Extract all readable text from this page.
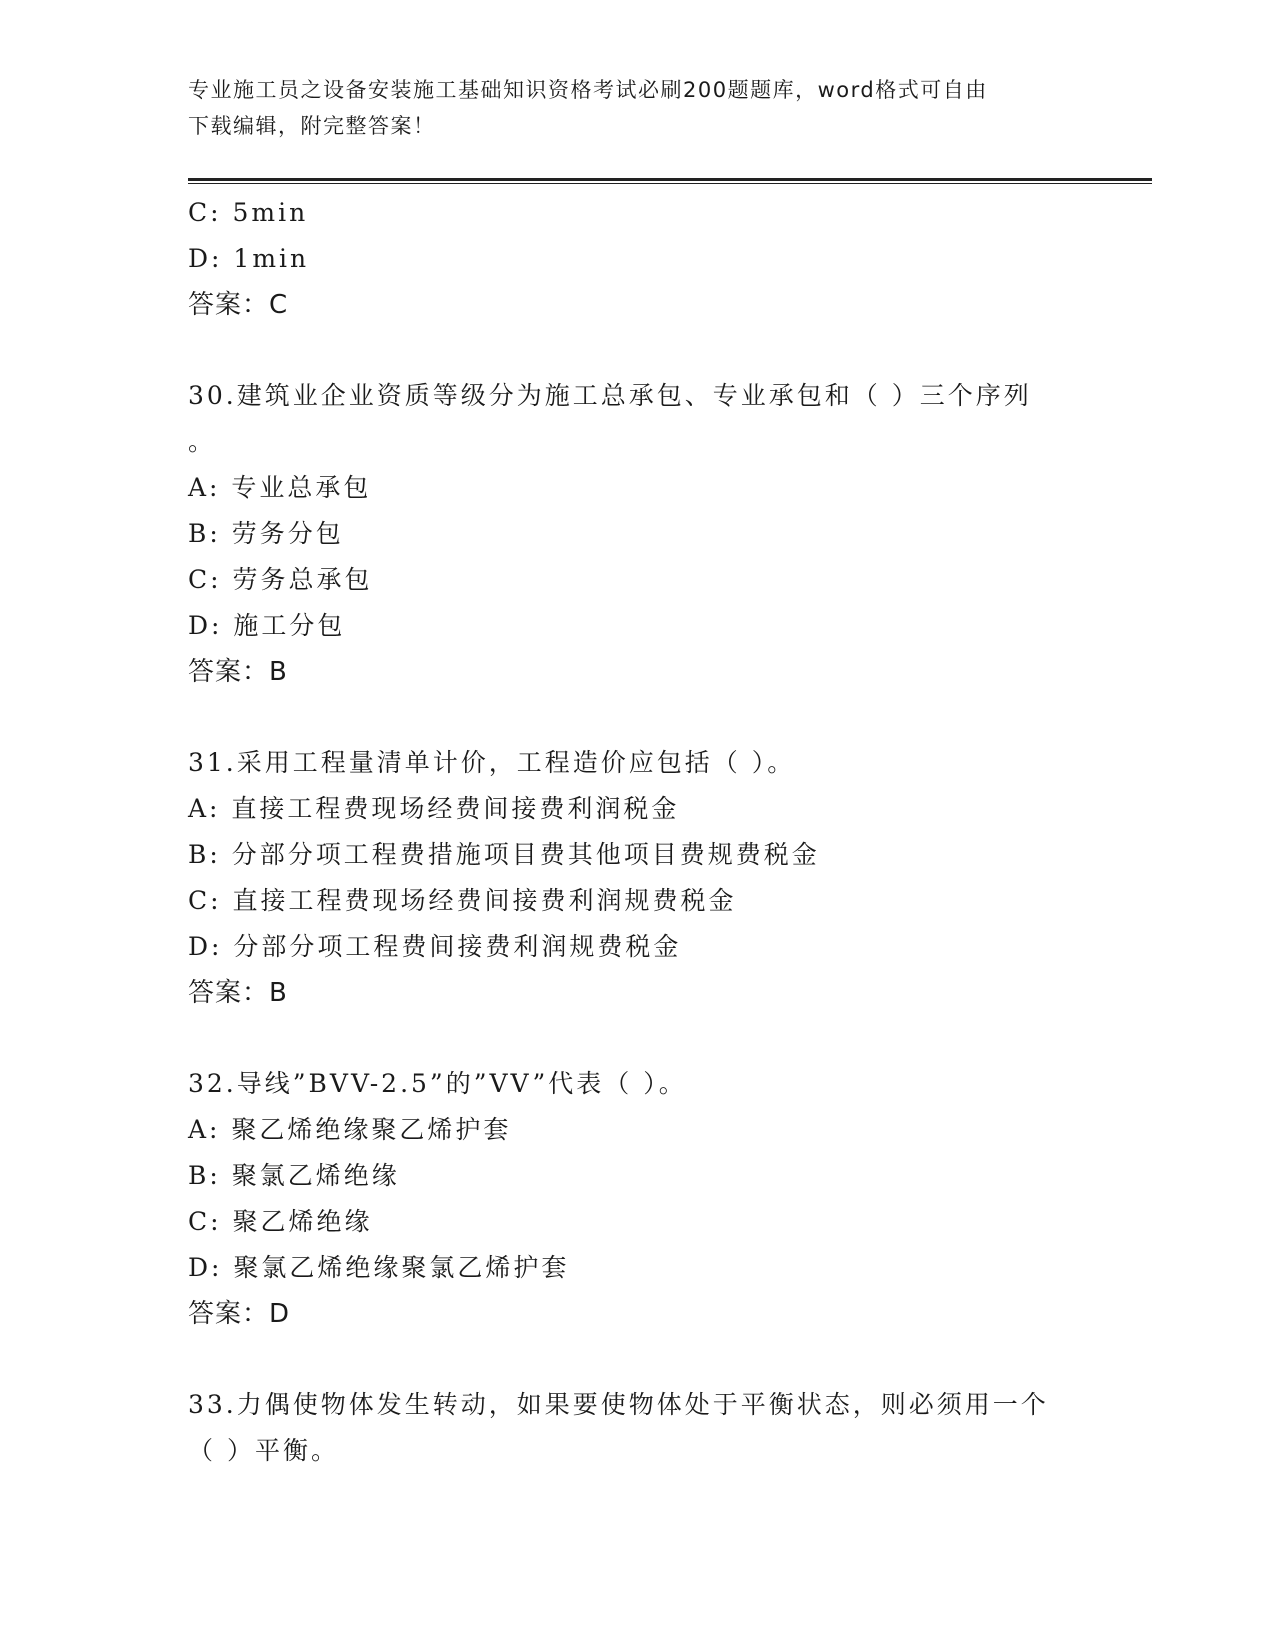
专业施工员之设备安装施工基础知识资格考试必刷200题题库，word格式可自由
下载编辑，附完整答案！
C: 5min
D: 1min
答案：C
30.建筑业企业资质等级分为施工总承包、专业承包和（ ）三个序列
。
A: 专业总承包
B: 劳务分包
C: 劳务总承包
D: 施工分包
答案：B
31.采用工程量清单计价，工程造价应包括（ ）。
A: 直接工程费现场经费间接费利润税金
B: 分部分项工程费措施项目费其他项目费规费税金
C: 直接工程费现场经费间接费利润规费税金
D: 分部分项工程费间接费利润规费税金
答案：B
32.导线”BVV-2.5”的”VV”代表（ ）。
A: 聚乙烯绝缘聚乙烯护套
B: 聚氯乙烯绝缘
C: 聚乙烯绝缘
D: 聚氯乙烯绝缘聚氯乙烯护套
答案：D
33.力偶使物体发生转动，如果要使物体处于平衡状态，则必须用一个
（ ）平衡。
